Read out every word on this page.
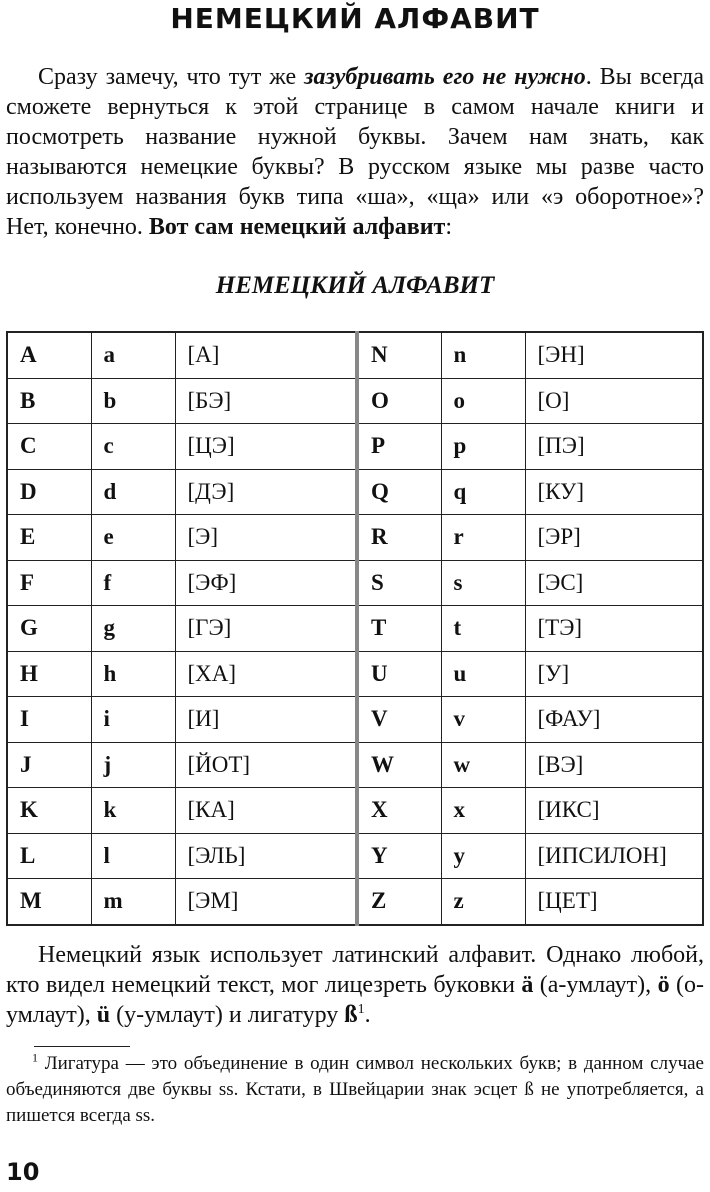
НЕМЕЦКИЙ АЛФАВИТ

Сразу замечу, что тут же зазубривать его не нужно. Вы всегда сможете вернуться к этой странице в самом начале книги и посмотреть название нужной буквы. Зачем нам знать, как называются немецкие буквы? В русском языке мы разве часто используем названия букв типа «ша», «ща» или «э оборотное»? Нет, конечно. Вот сам немецкий алфавит:

НЕМЕЦКИЙ АЛФАВИТ
A	a	[А]	N	n	[ЭН]
B	b	[БЭ]	O	o	[О]
C	c	[ЦЭ]	P	p	[ПЭ]
D	d	[ДЭ]	Q	q	[КУ]
E	e	[Э]	R	r	[ЭР]
F	f	[ЭФ]	S	s	[ЭС]
G	g	[ГЭ]	T	t	[ТЭ]
H	h	[ХА]	U	u	[У]
I	i	[И]	V	v	[ФАУ]
J	j	[ЙОТ]	W	w	[ВЭ]
K	k	[КА]	X	x	[ИКС]
L	l	[ЭЛЬ]	Y	y	[ИПСИЛОН]
M	m	[ЭМ]	Z	z	[ЦЕТ]

Немецкий язык использует латинский алфавит. Однако любой, кто видел немецкий текст, мог лицезреть буковки ä (а-умлаут), ö (о-умлаут), ü (у-умлаут) и лигатуру $ß^1$.

$^1$ Лигатура — это объединение в один символ нескольких букв; в данном случае объединяются две буквы ss. Кстати, в Швейцарии знак эсцет ß не употребляется, а пишется всегда ss.

10
